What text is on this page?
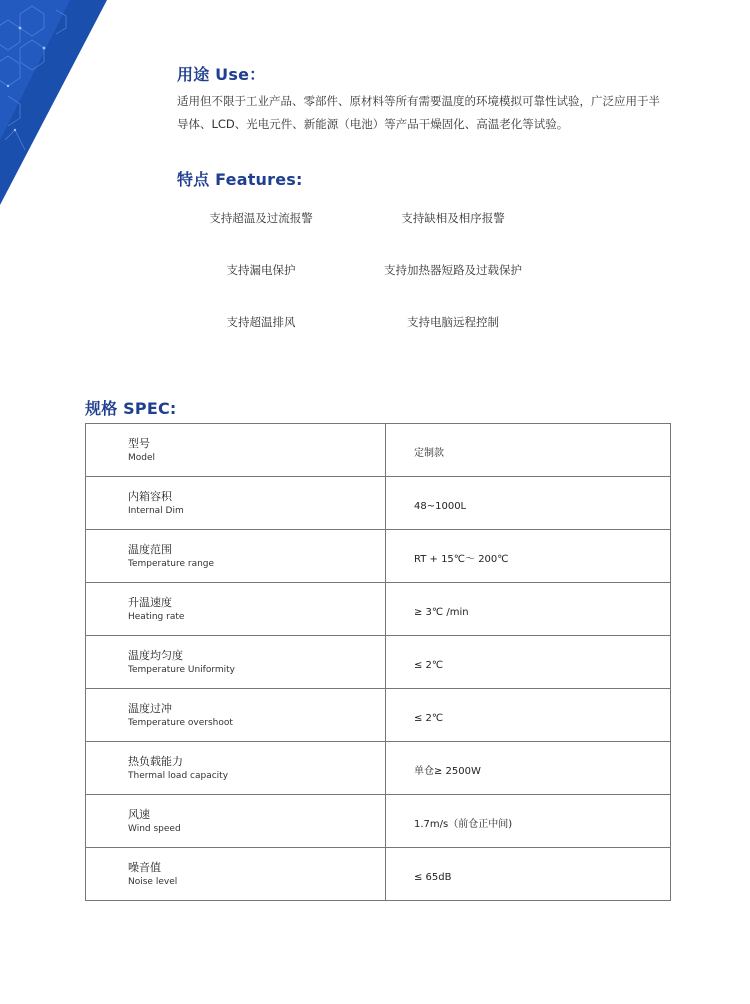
用途 Use：

适用但不限于工业产品、零部件、原材料等所有需要温度的环境模拟可靠性试验，广泛应用于半导体、LCD、光电元件、新能源（电池）等产品干燥固化、高温老化等试验。

特点 Features:
支持超温及过流报警	支持缺相及相序报警
支持漏电保护	支持加热器短路及过载保护
支持超温排风	支持电脑远程控制
规格 SPEC:
型号
Model	定制款

内箱容积
Internal Dim	48~1000L

温度范围
Temperature range	RT + 15℃～ 200℃

升温速度
Heating rate	≥ 3℃ /min

温度均匀度
Temperature Uniformity	≤ 2℃

温度过冲
Temperature overshoot	≤ 2℃

热负载能力
Thermal load capacity	单仓≥ 2500W

风速
Wind speed	1.7m/s（前仓正中间)

噪音值
Noise level	≤ 65dB
